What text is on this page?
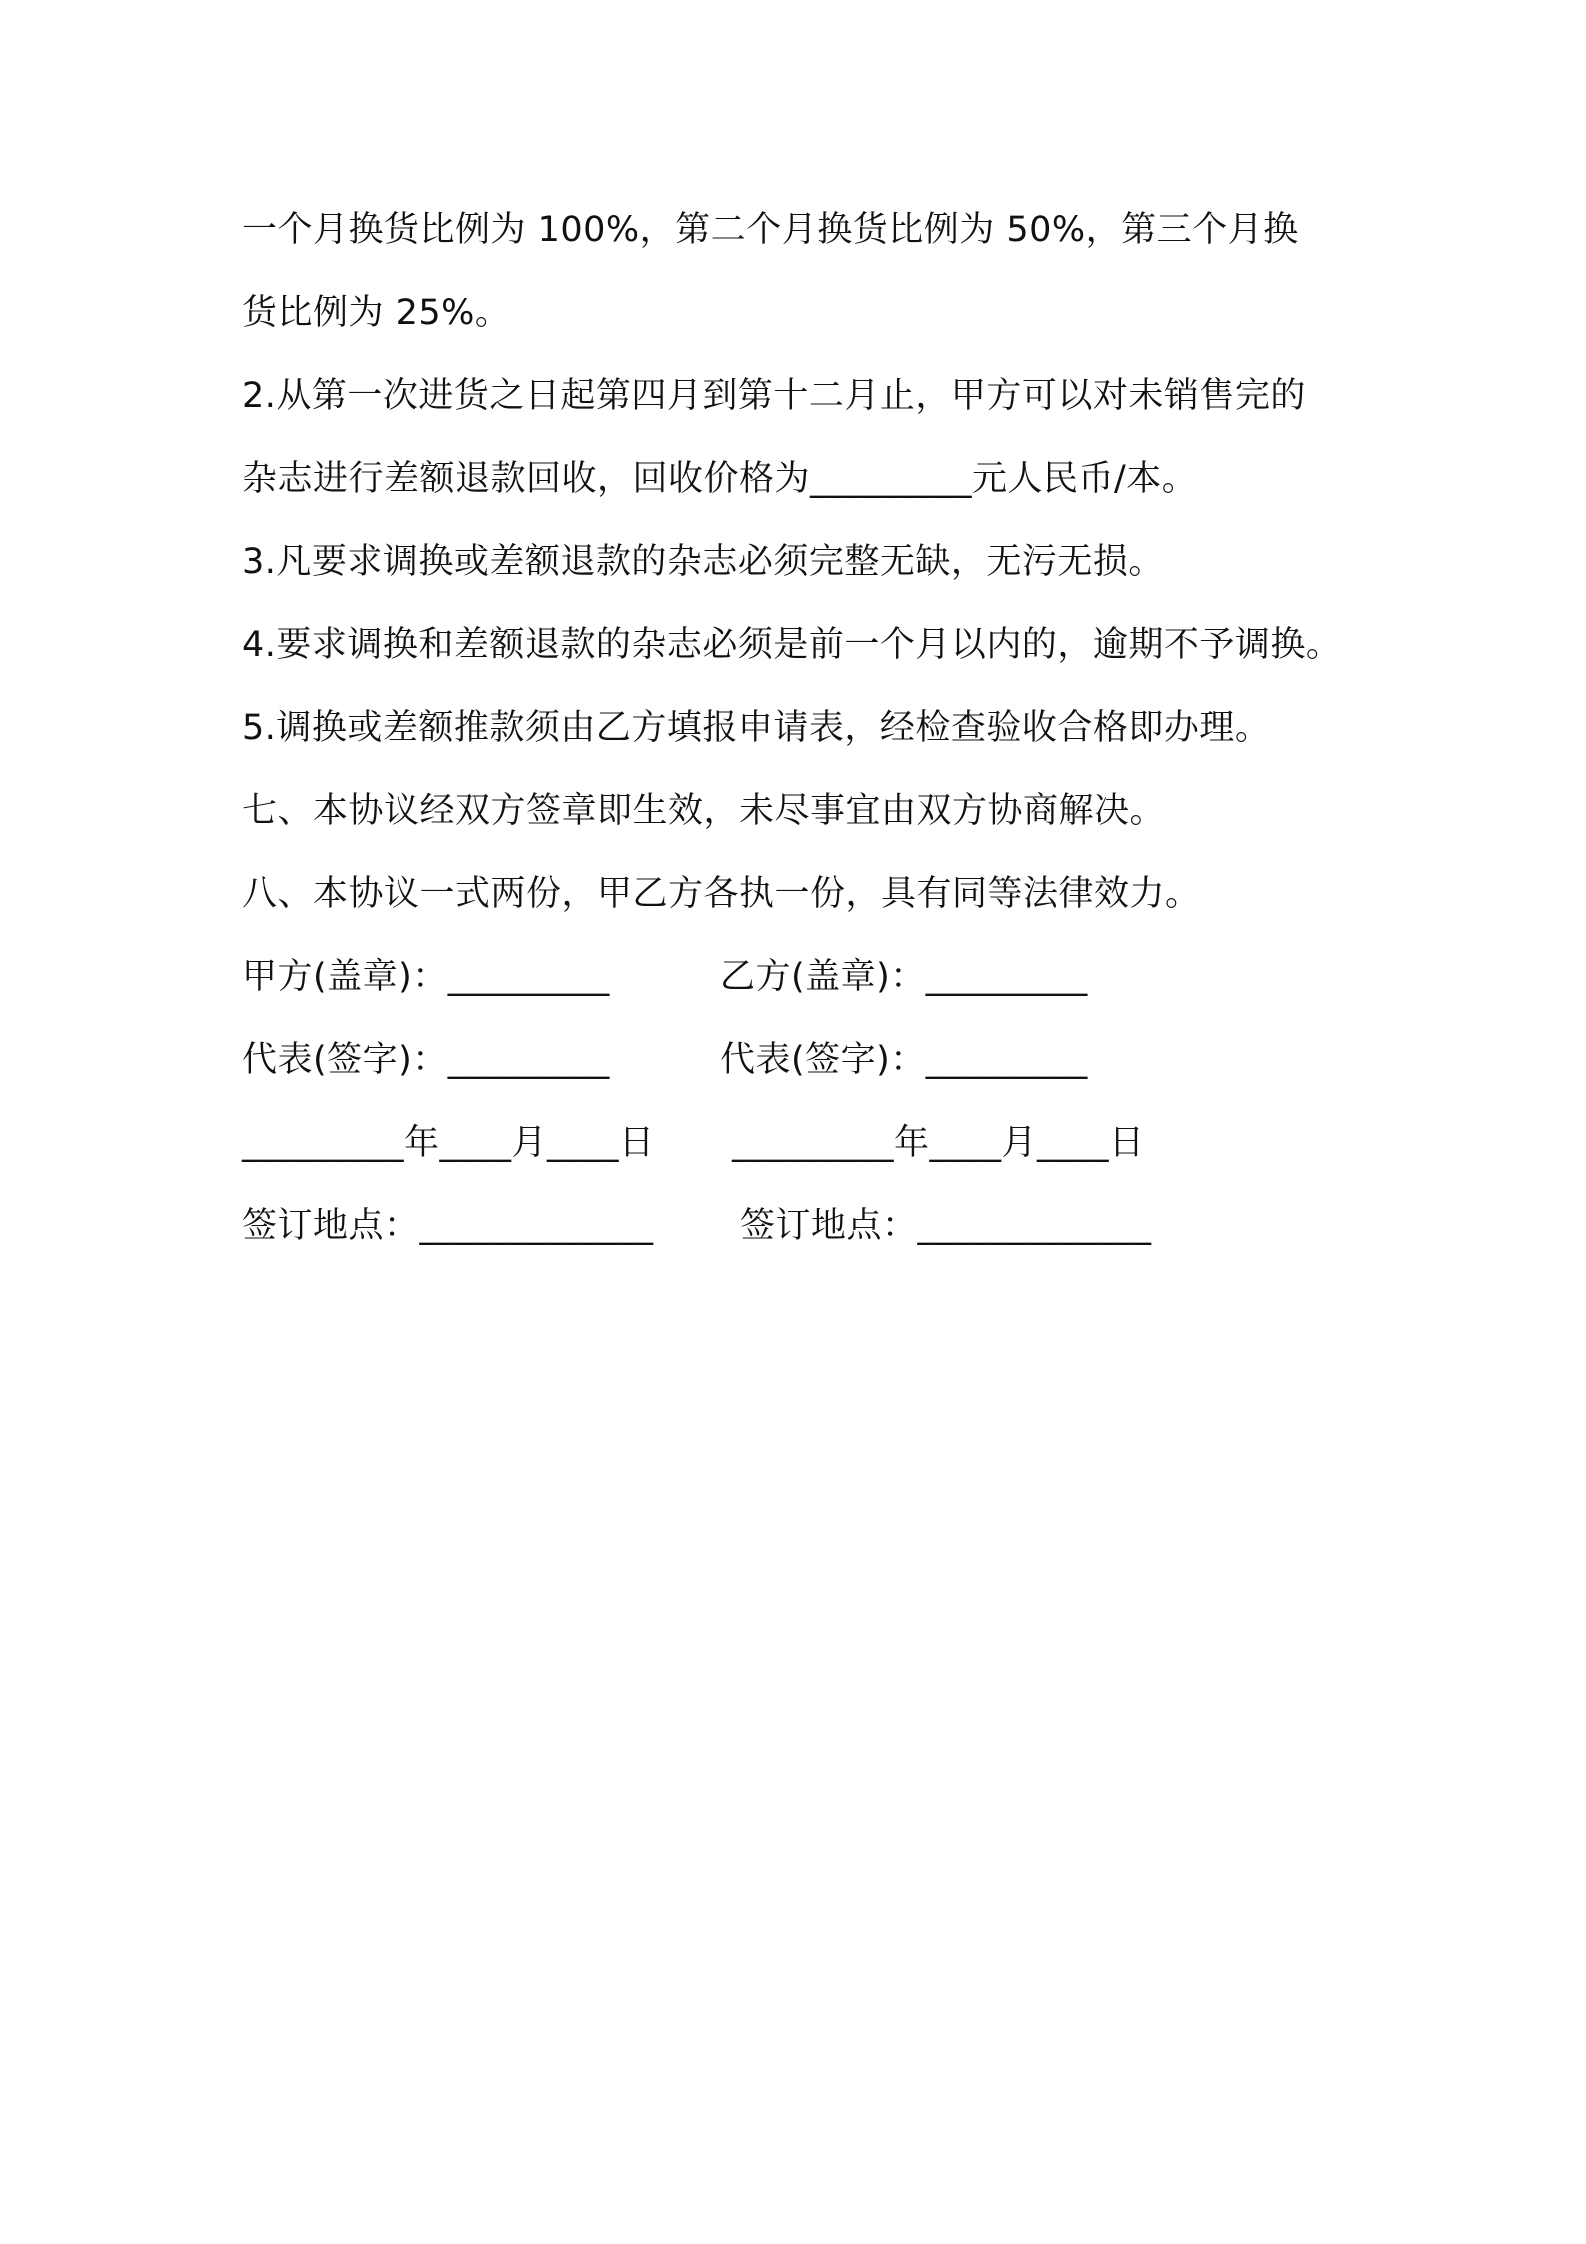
一个月换货比例为 100%，第二个月换货比例为 50%，第三个月换
货比例为 25%。
2.从第一次进货之日起第四月到第十二月止，甲方可以对未销售完的
杂志进行差额退款回收，回收价格为_________元人民币/本。
3.凡要求调换或差额退款的杂志必须完整无缺，无污无损。
4.要求调换和差额退款的杂志必须是前一个月以内的，逾期不予调换。
5.调换或差额推款须由乙方填报申请表，经检查验收合格即办理。
七、本协议经双方签章即生效，未尽事宜由双方协商解决。
八、本协议一式两份，甲乙方各执一份，具有同等法律效力。
甲方(盖章)：_________	乙方(盖章)：_________
代表(签字)：_________	代表(签字)：_________
_________年____月____日 _________年____月____日
签订地点：_____________ 签订地点：_____________
